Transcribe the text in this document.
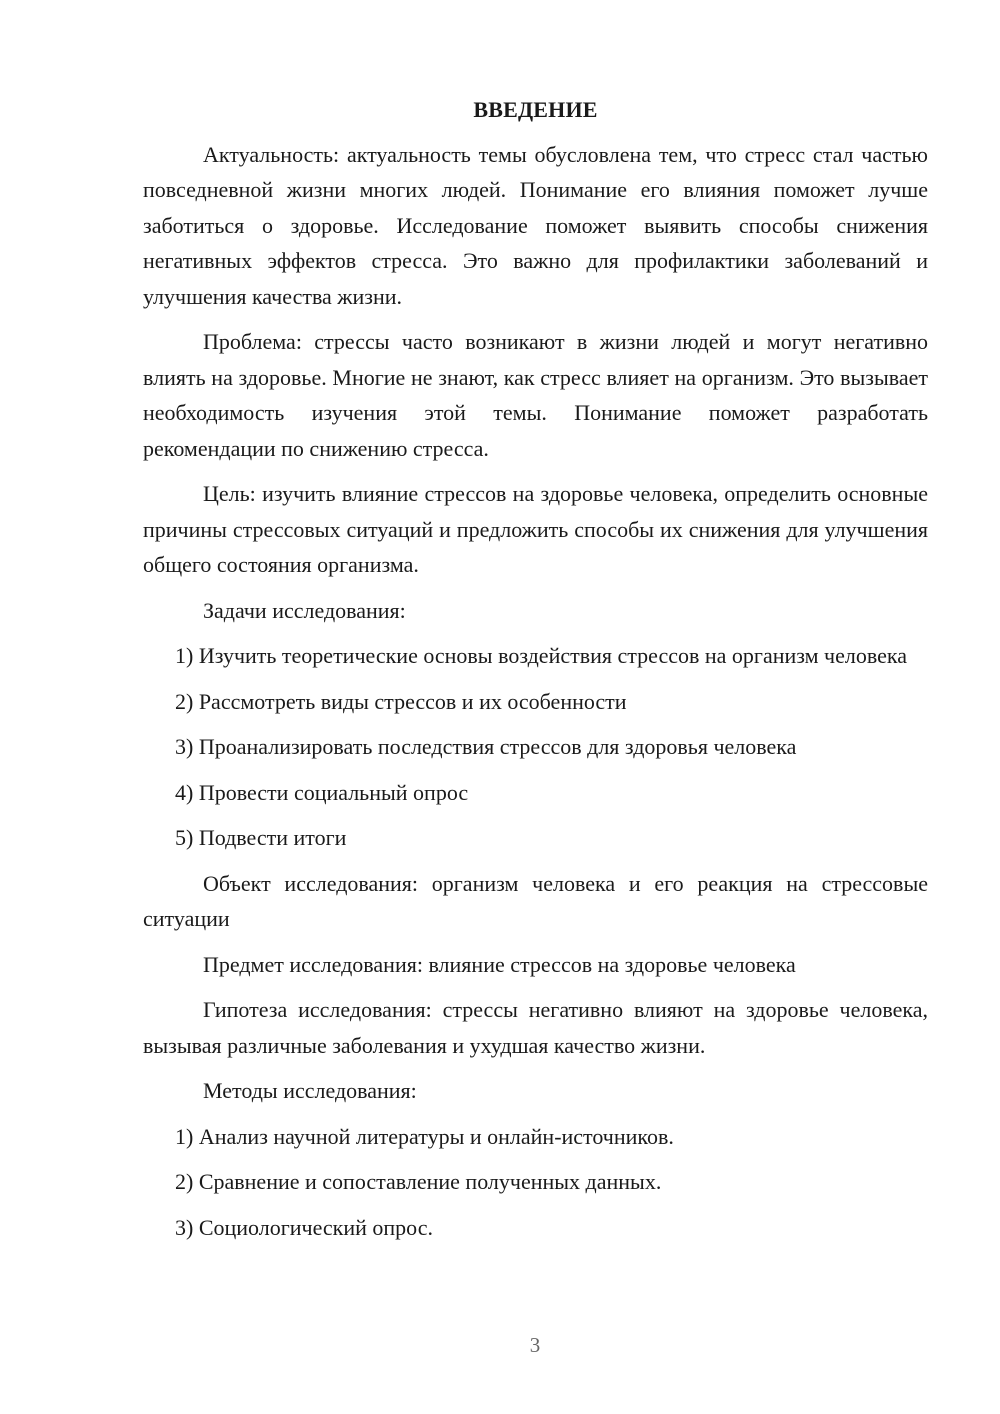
ВВЕДЕНИЕ

Актуальность: актуальность темы обусловлена тем, что стресс стал частью повседневной жизни многих людей. Понимание его влияния поможет лучше заботиться о здоровье. Исследование поможет выявить способы снижения негативных эффектов стресса. Это важно для профилактики заболеваний и улучшения качества жизни.

Проблема: стрессы часто возникают в жизни людей и могут негативно влиять на здоровье. Многие не знают, как стресс влияет на организм. Это вызывает необходимость изучения этой темы. Понимание поможет разработать рекомендации по снижению стресса.

Цель: изучить влияние стрессов на здоровье человека, определить основные причины стрессовых ситуаций и предложить способы их снижения для улучшения общего состояния организма.

Задачи исследования:

1) Изучить теоретические основы воздействия стрессов на организм человека

2) Рассмотреть виды стрессов и их особенности

3) Проанализировать последствия стрессов для здоровья человека

4) Провести социальный опрос

5) Подвести итоги

Объект исследования: организм человека и его реакция на стрессовые ситуации

Предмет исследования: влияние стрессов на здоровье человека

Гипотеза исследования: стрессы негативно влияют на здоровье человека, вызывая различные заболевания и ухудшая качество жизни.

Методы исследования:

1) Анализ научной литературы и онлайн-источников.

2) Сравнение и сопоставление полученных данных.

3) Социологический опрос.

3
